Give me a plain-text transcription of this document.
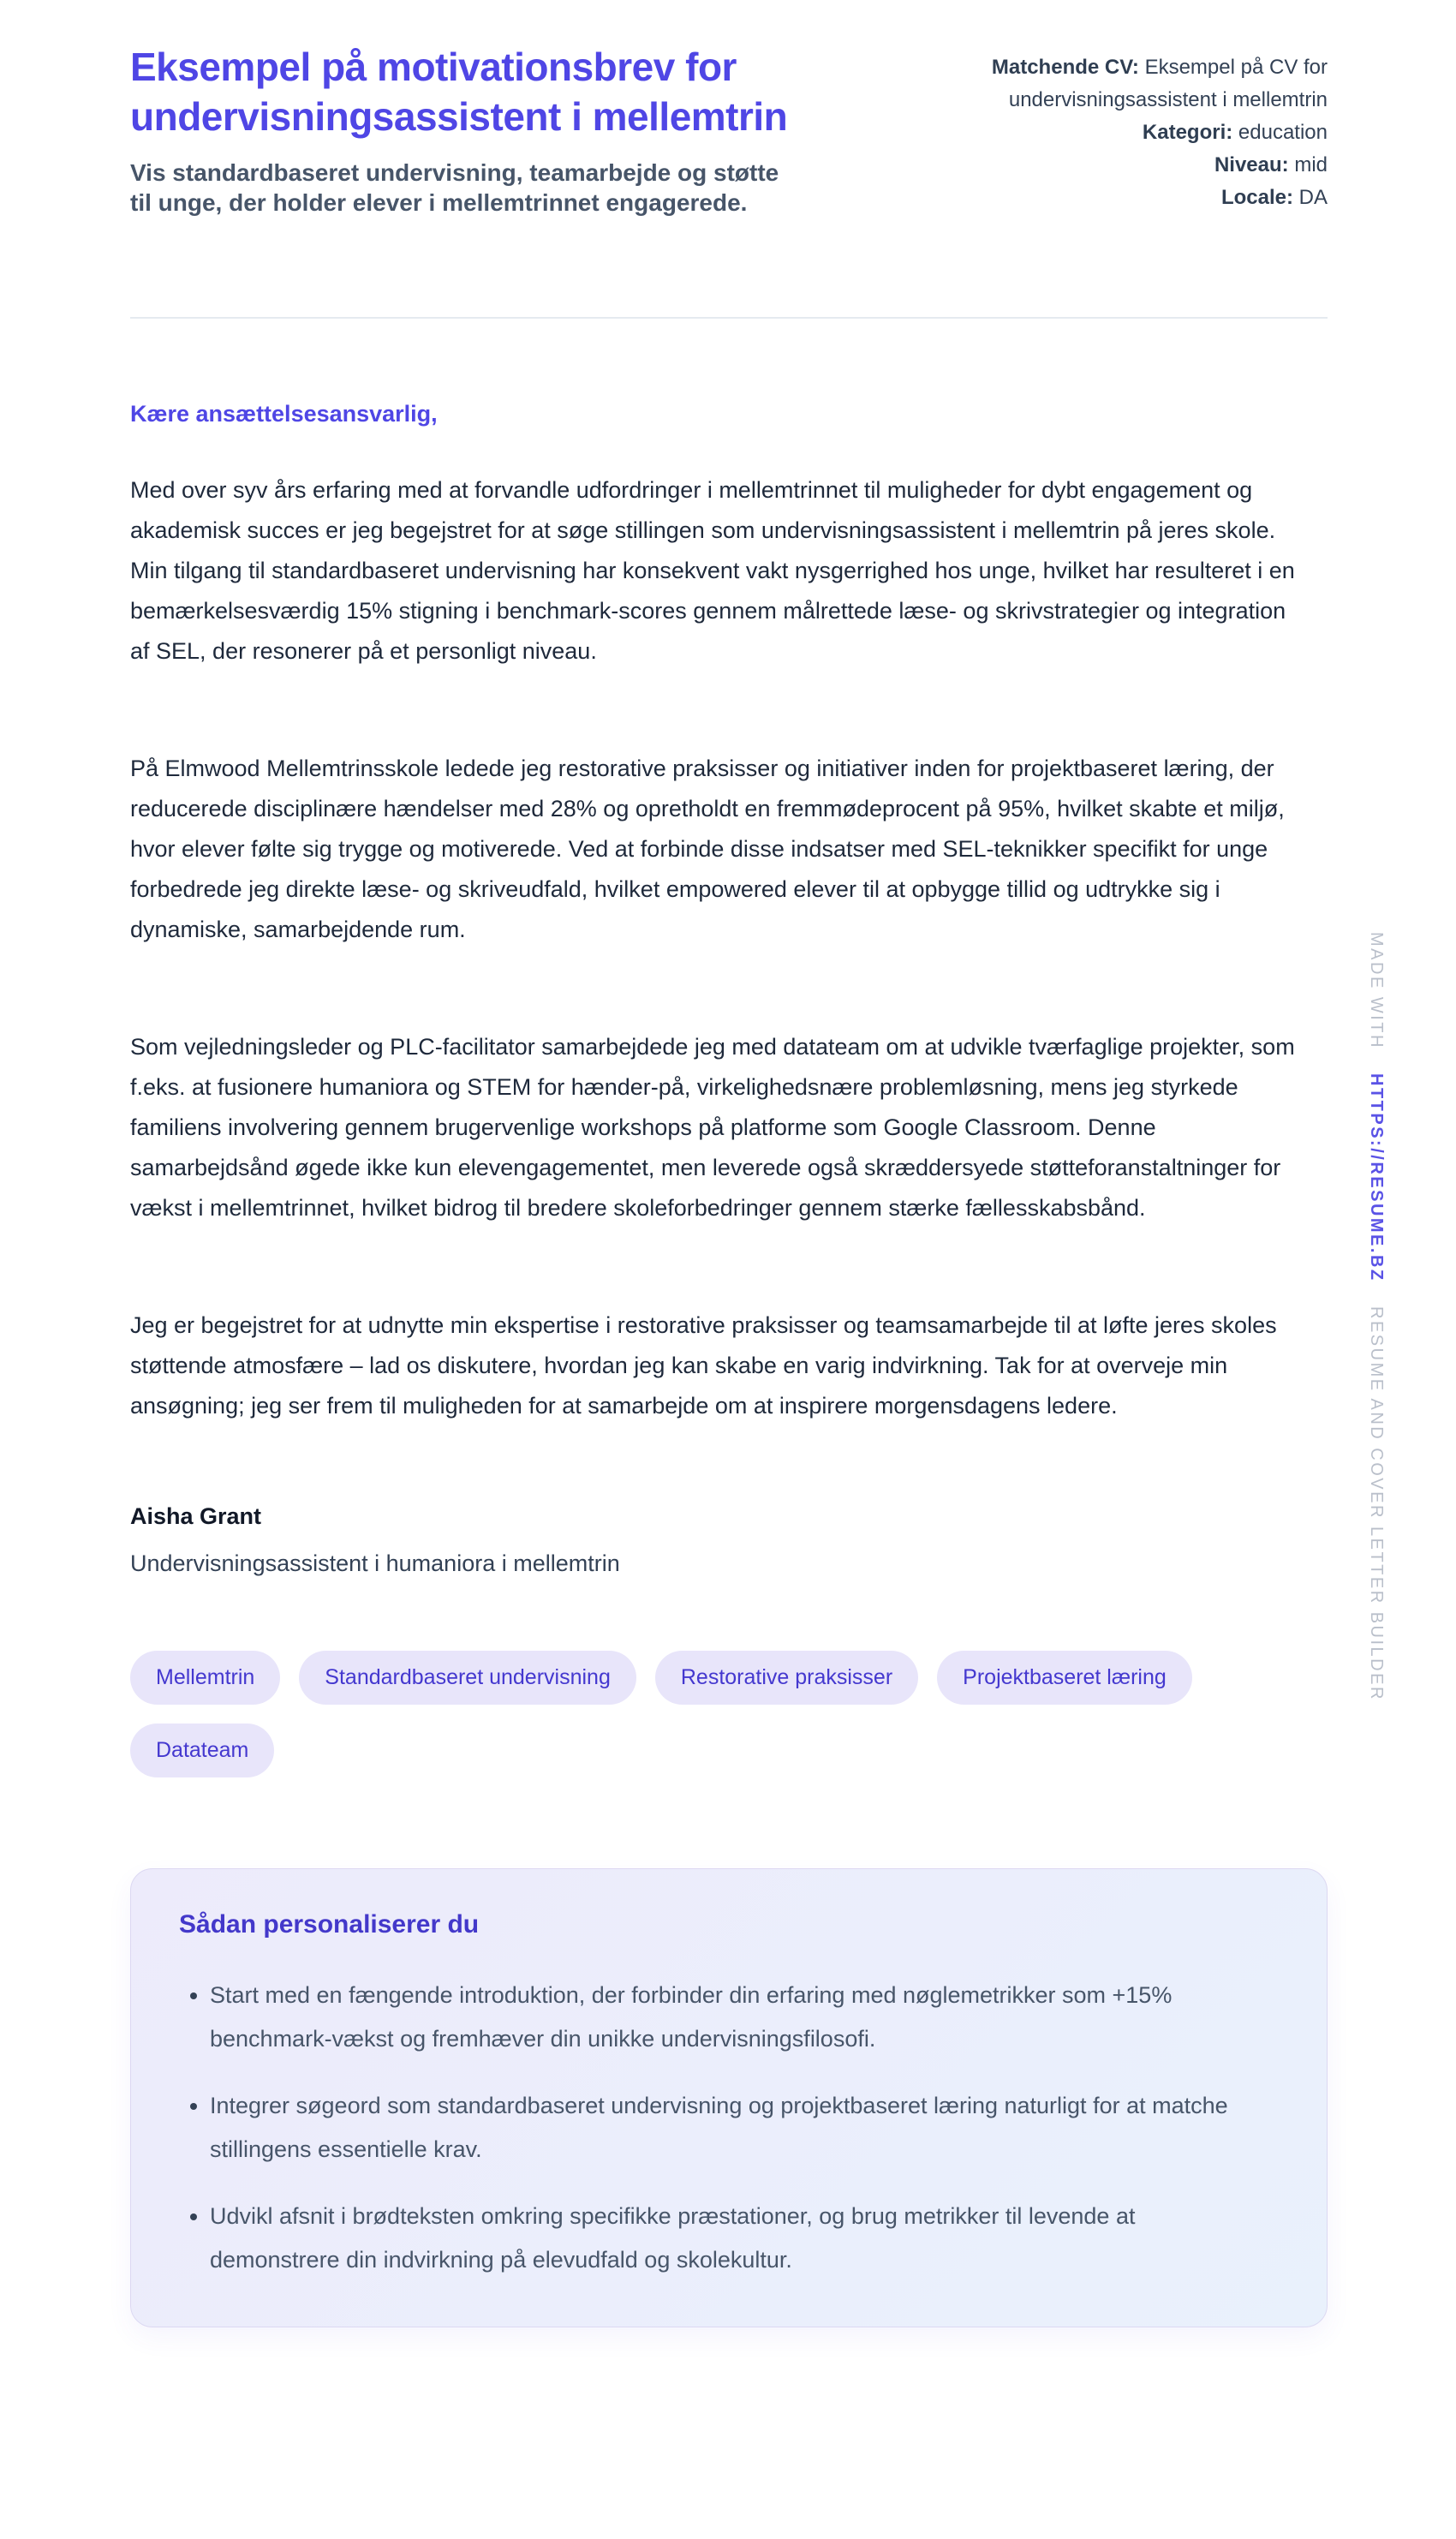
Eksempel på motivationsbrev for undervisningsassistent i mellemtrin

Vis standardbaseret undervisning, teamarbejde og støtte til unge, der holder elever i mellemtrinnet engagerede.

Matchende CV: Eksempel på CV for undervisningsassistent i mellemtrin
Kategori: education
Niveau: mid
Locale: DA

Kære ansættelsesansvarlig,

Med over syv års erfaring med at forvandle udfordringer i mellemtrinnet til muligheder for dybt engagement og akademisk succes er jeg begejstret for at søge stillingen som undervisningsassistent i mellemtrin på jeres skole. Min tilgang til standardbaseret undervisning har konsekvent vakt nysgerrighed hos unge, hvilket har resulteret i en bemærkelsesværdig 15% stigning i benchmark-scores gennem målrettede læse- og skrivstrategier og integration af SEL, der resonerer på et personligt niveau.

På Elmwood Mellemtrinsskole ledede jeg restorative praksisser og initiativer inden for projektbaseret læring, der reducerede disciplinære hændelser med 28% og opretholdt en fremmødeprocent på 95%, hvilket skabte et miljø, hvor elever følte sig trygge og motiverede. Ved at forbinde disse indsatser med SEL-teknikker specifikt for unge forbedrede jeg direkte læse- og skriveudfald, hvilket empowered elever til at opbygge tillid og udtrykke sig i dynamiske, samarbejdende rum.

Som vejledningsleder og PLC-facilitator samarbejdede jeg med datateam om at udvikle tværfaglige projekter, som f.eks. at fusionere humaniora og STEM for hænder-på, virkelighedsnære problemløsning, mens jeg styrkede familiens involvering gennem brugervenlige workshops på platforme som Google Classroom. Denne samarbejdsånd øgede ikke kun elevengagementet, men leverede også skræddersyede støtteforanstaltninger for vækst i mellemtrinnet, hvilket bidrog til bredere skoleforbedringer gennem stærke fællesskabsbånd.

Jeg er begejstret for at udnytte min ekspertise i restorative praksisser og teamsamarbejde til at løfte jeres skoles støttende atmosfære – lad os diskutere, hvordan jeg kan skabe en varig indvirkning. Tak for at overveje min ansøgning; jeg ser frem til muligheden for at samarbejde om at inspirere morgensdagens ledere.

Aisha Grant

Undervisningsassistent i humaniora i mellemtrin

Mellemtrin	Standardbaseret undervisning	Restorative praksisser	Projektbaseret læring
Datateam
Sådan personaliserer du
• Start med en fængende introduktion, der forbinder din erfaring med nøglemetrikker som +15% benchmark-vækst og fremhæver din unikke undervisningsfilosofi.
• Integrer søgeord som standardbaseret undervisning og projektbaseret læring naturligt for at matche stillingens essentielle krav.
• Udvikl afsnit i brødteksten omkring specifikke præstationer, og brug metrikker til levende at demonstrere din indvirkning på elevudfald og skolekultur.
MADE WITH
HTTPS://RESUME.BZ
RESUME AND COVER LETTER BUILDER
